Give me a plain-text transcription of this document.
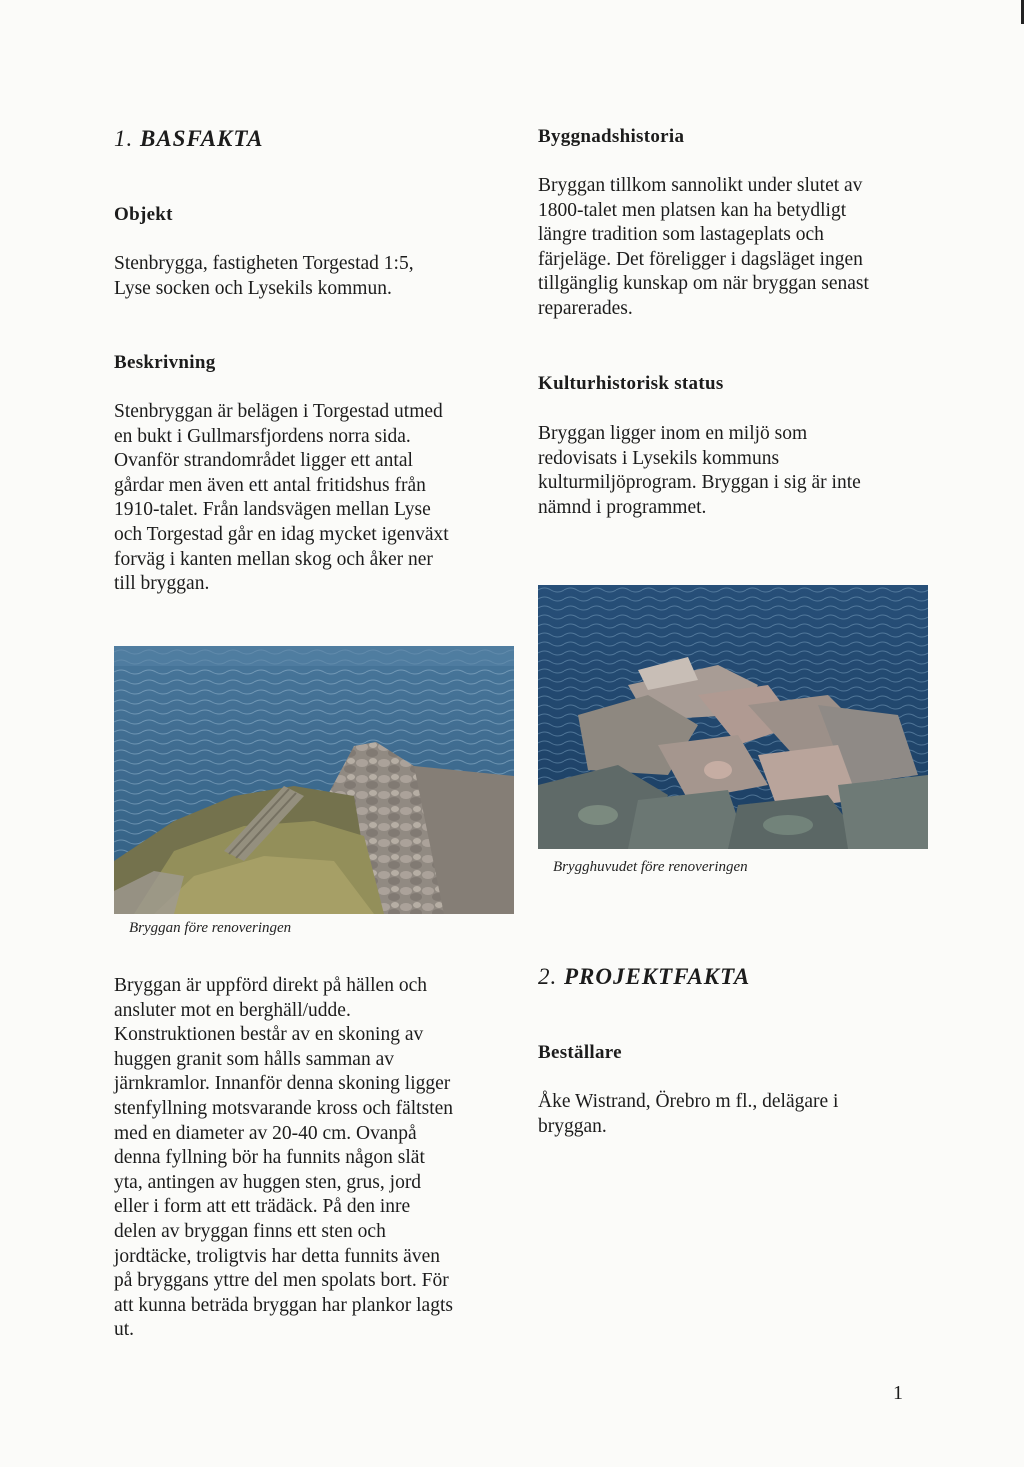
1. BASFAKTA

Objekt

Stenbrygga, fastigheten Torgestad 1:5,
Lyse socken och Lysekils kommun.

Beskrivning

Stenbryggan är belägen i Torgestad utmed
en bukt i Gullmarsfjordens norra sida.
Ovanför strandområdet ligger ett antal
gårdar men även ett antal fritidshus från
1910-talet. Från landsvägen mellan Lyse
och Torgestad går en idag mycket igenväxt
forväg i kanten mellan skog och åker ner
till bryggan.

Bryggan före renoveringen

Bryggan är uppförd direkt på hällen och
ansluter mot en berghäll/udde.
Konstruktionen består av en skoning av
huggen granit som hålls samman av
järnkramlor. Innanför denna skoning ligger
stenfyllning motsvarande kross och fältsten
med en diameter av 20-40 cm. Ovanpå
denna fyllning bör ha funnits någon slät
yta, antingen av huggen sten, grus, jord
eller i form att ett trädäck. På den inre
delen av bryggan finns ett sten och
jordtäcke, troligtvis har detta funnits även
på bryggans yttre del men spolats bort. För
att kunna beträda bryggan har plankor lagts
ut.

Byggnadshistoria

Bryggan tillkom sannolikt under slutet av
1800-talet men platsen kan ha betydligt
längre tradition som lastageplats och
färjeläge. Det föreligger i dagsläget ingen
tillgänglig kunskap om när bryggan senast
reparerades.

Kulturhistorisk status

Bryggan ligger inom en miljö som
redovisats i Lysekils kommuns
kulturmiljöprogram. Bryggan i sig är inte
nämnd i programmet.

Brygghuvudet före renoveringen

2. PROJEKTFAKTA

Beställare

Åke Wistrand, Örebro m fl., delägare i
bryggan.

1
